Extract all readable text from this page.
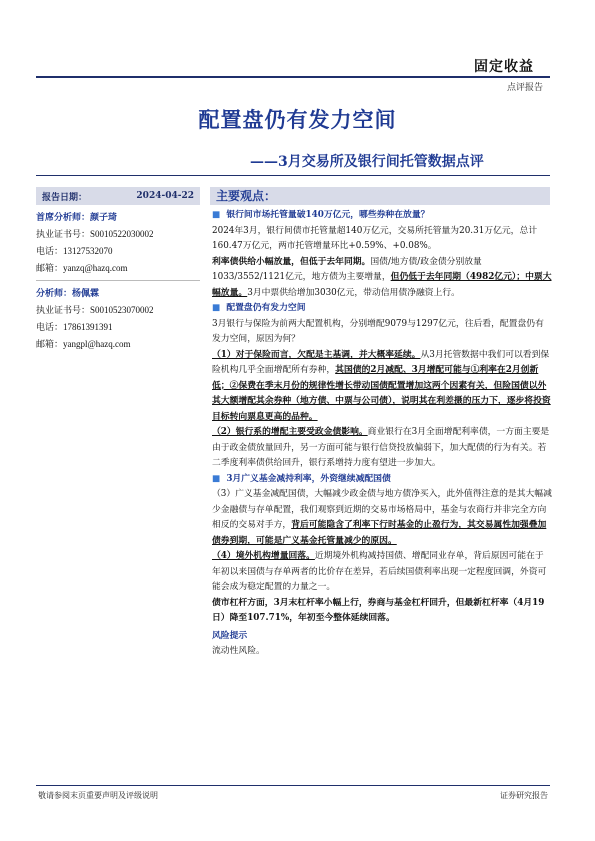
固定收益
点评报告
配置盘仍有发力空间
——3月交易所及银行间托管数据点评
报告日期：	2024-04-22
首席分析师：颜子琦
执业证书号：S0010522030002
电话：13127532070
邮箱：yanzq@hazq.com
分析师：杨佩霖
执业证书号：S0010523070002
电话：17861391391
邮箱：yangpl@hazq.com
主要观点：
■ 银行间市场托管量破140万亿元，哪些券种在放量？

2024年3月，银行间债市托管量超140万亿元，交易所托管量为20.31万亿元，总计160.47万亿元，两市托管增量环比+0.59%、+0.08%。

利率债供给小幅放量，但低于去年同期。国债/地方债/政金债分别放量1033/3552/1121亿元，地方债为主要增量，但仍低于去年同期（4982亿元）；中票大幅放量。3月中票供给增加3030亿元，带动信用债净融资上行。

■ 配置盘仍有发力空间

3月银行与保险为前两大配置机构，分别增配9079与1297亿元，往后看，配置盘仍有发力空间，原因为何？

（1）对于保险而言，欠配是主基调，并大概率延续。从3月托管数据中我们可以看到保险机构几乎全面增配所有券种，其国债的2月减配、3月增配可能与①利率在2月创新低；②保费在季末月份的规律性增长带动国债配置增加这两个因素有关，但险国债以外其大额增配其余券种（地方债、中票与公司债），说明其在利差摄的压力下，逐步将投资目标转向票息更高的品种。

（2）银行系的增配主要受政金债影响。商业银行在3月全面增配利率债，一方面主要是由于政金债放量回升，另一方面可能与银行信贷投放偏弱下，加大配债的行为有关。若二季度利率债供给回升，银行系增持力度有望进一步加大。

■ 3月广义基金减持利率，外资继续减配国债

（3）广义基金减配国债，大幅减少政金债与地方债净买入，此外值得注意的是其大幅减少金融债与存单配置，我们观察到近期的交易市场格局中，基金与农商行并非完全方向相反的交易对手方，背后可能隐含了利率下行时基金的止盈行为，其交易属性加强叠加债券到期，可能是广义基金托管量减少的原因。

（4）境外机构增量回落。近期境外机构减持国债、增配同业存单，背后原因可能在于年初以来国债与存单两者的比价存在差异，若后续国债利率出现一定程度回调，外资可能会成为稳定配置的力量之一。

债市杠杆方面，3月末杠杆率小幅上行，券商与基金杠杆回升，但最新杠杆率（4月19日）降至107.71%，年初至今整体延续回落。

风险提示

流动性风险。

敬请参阅末页重要声明及评级说明	证券研究报告
